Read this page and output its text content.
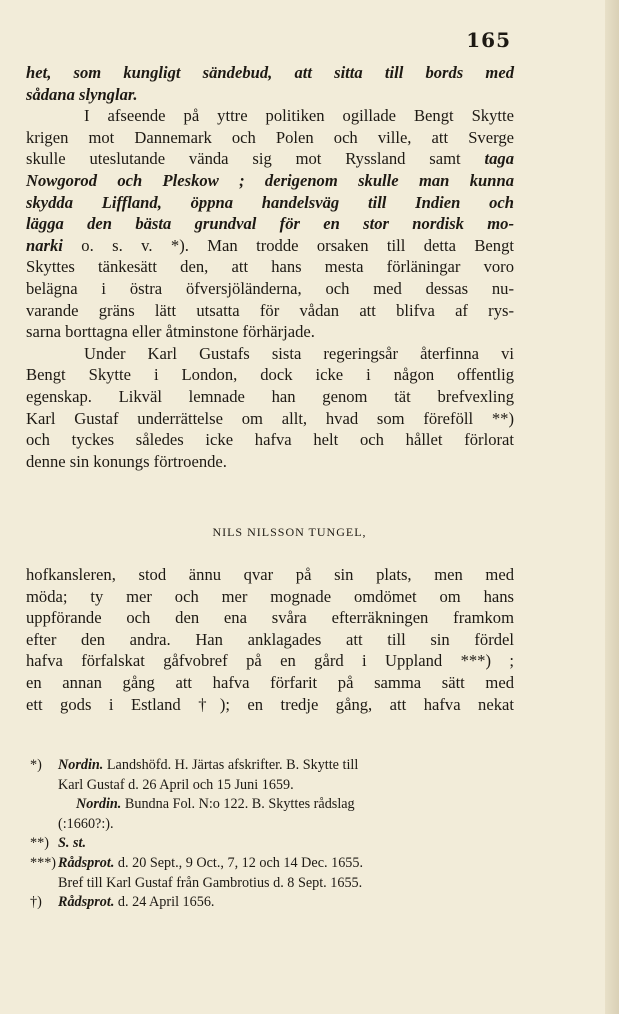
165
het, som kungligt sändebud, att sitta till bords med
sådana slynglar.
I afseende på yttre politiken ogillade Bengt Skytte
krigen mot Dannemark och Polen och ville, att Sverge
skulle uteslutande vända sig mot Ryssland samt taga
Nowgorod och Pleskow ; derigenom skulle man kunna
skydda Liffland, öppna handelsväg till Indien och
lägga den bästa grundval för en stor nordisk mo-
narki o. s. v. *). Man trodde orsaken till detta Bengt
Skyttes tänkesätt den, att hans mesta förläningar voro
belägna i östra öfversjöländerna, och med dessas nu-
varande gräns lätt utsatta för vådan att blifva af rys-
sarna borttagna eller åtminstone förhärjade.
Under Karl Gustafs sista regeringsår återfinna vi
Bengt Skytte i London, dock icke i någon offentlig
egenskap. Likväl lemnade han genom tät brefvexling
Karl Gustaf underrättelse om allt, hvad som föreföll **)
och tyckes således icke hafva helt och hållet förlorat
denne sin konungs förtroende.
NILS NILSSON TUNGEL,
hofkansleren, stod ännu qvar på sin plats, men med
möda; ty mer och mer mognade omdömet om hans
uppförande och den ena svåra efterräkningen framkom
efter den andra. Han anklagades att till sin fördel
hafva förfalskat gåfvobref på en gård i Uppland ***) ;
en annan gång att hafva förfarit på samma sätt med
ett gods i Estland †); en tredje gång, att hafva nekat
*) Nordin. Landshöfd. H. Järtas afskrifter. B. Skytte till
Karl Gustaf d. 26 April och 15 Juni 1659.
Nordin. Bundna Fol. N:o 122. B. Skyttes rådslag
(:1660?:).
**) S. st.
***) Rådsprot. d. 20 Sept., 9 Oct., 7, 12 och 14 Dec. 1655.
Bref till Karl Gustaf från Gambrotius d. 8 Sept. 1655.
†) Rådsprot. d. 24 April 1656.
